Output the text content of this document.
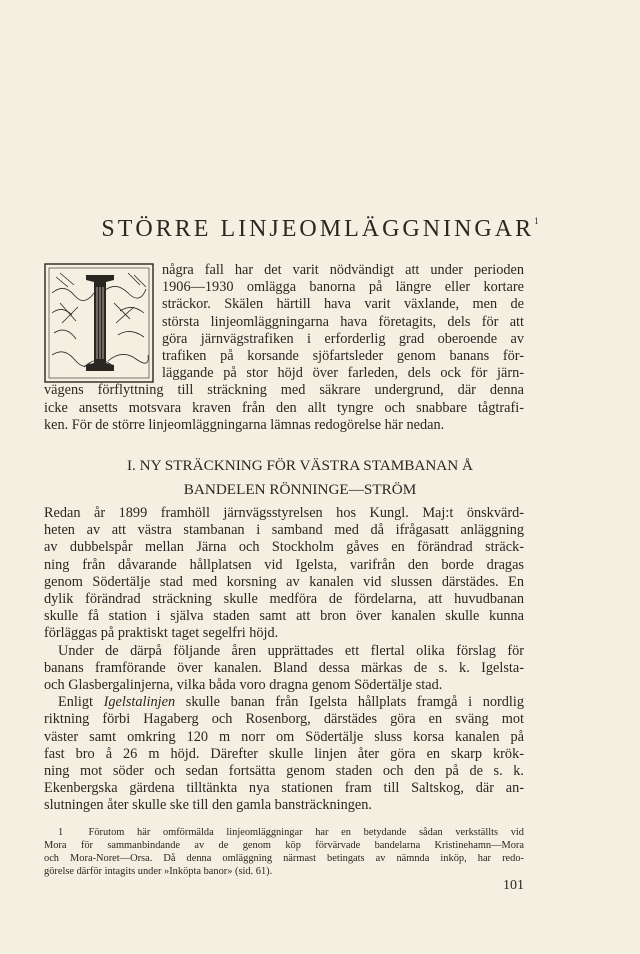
STÖRRE LINJEOMLÄGGNINGAR$^1$

några fall har det varit nödvändigt att under perioden
1906—1930 omlägga banorna på längre eller kortare
sträckor. Skälen härtill hava varit växlande, men de
största linjeomläggningarna hava företagits, dels för att
göra järnvägstrafiken i erforderlig grad oberoende av
trafiken på korsande sjöfartsleder genom banans för-
läggande på stor höjd över farleden, dels ock för järn-
vägens förflyttning till sträckning med säkrare undergrund, där denna
icke ansetts motsvara kraven från den allt tyngre och snabbare tågtrafi-
ken. För de större linjeomläggningarna lämnas redogörelse här nedan.

I. NY STRÄCKNING FÖR VÄSTRA STAMBANAN Å
BANDELEN RÖNNINGE—STRÖM

Redan år 1899 framhöll järnvägsstyrelsen hos Kungl. Maj:t önskvärd-
heten av att västra stambanan i samband med då ifrågasatt anläggning
av dubbelspår mellan Järna och Stockholm gåves en förändrad sträck-
ning från dåvarande hållplatsen vid Igelsta, varifrån den borde dragas
genom Södertälje stad med korsning av kanalen vid slussen därstädes. En
dylik förändrad sträckning skulle medföra de fördelarna, att huvudbanan
skulle få station i själva staden samt att bron över kanalen skulle kunna
förläggas på praktiskt taget segelfri höjd.
Under de därpå följande åren upprättades ett flertal olika förslag för
banans framförande över kanalen. Bland dessa märkas de s. k. Igelsta-
och Glasbergalinjerna, vilka båda voro dragna genom Södertälje stad.
Enligt Igelstalinjen skulle banan från Igelsta hållplats framgå i nordlig
riktning förbi Hagaberg och Rosenborg, därstädes göra en sväng mot
väster samt omkring 120 m norr om Södertälje sluss korsa kanalen på
fast bro å 26 m höjd. Därefter skulle linjen åter göra en skarp krök-
ning mot söder och sedan fortsätta genom staden och den på de s. k.
Ekenbergska gärdena tilltänkta nya stationen fram till Saltskog, där an-
slutningen åter skulle ske till den gamla bansträckningen.

1 Förutom här omförmälda linjeomläggningar har en betydande sådan verkställts vid
Mora för sammanbindande av de genom köp förvärvade bandelarna Kristinehamn—Mora
och Mora-Noret—Orsa. Då denna omläggning närmast betingats av nämnda inköp, har redo-
görelse därför intagits under »Inköpta banor» (sid. 61).

101
